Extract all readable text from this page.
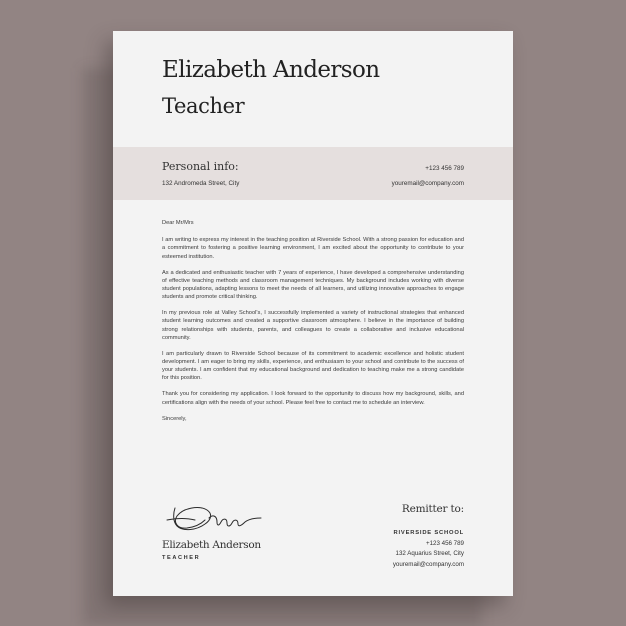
Elizabeth Anderson
Teacher
Personal info:
132 Andromeda Street, City
+123 456 789
youremail@company.com

Dear Mr/Mrs

I am writing to express my interest in the teaching position at Riverside School. With a strong passion for education and a commitment to fostering a positive learning environment, I am excited about the opportunity to contribute to your esteemed institution.

As a dedicated and enthusiastic teacher with 7 years of experience, I have developed a comprehensive understanding of effective teaching methods and classroom management techniques. My background includes working with diverse student populations, adapting lessons to meet the needs of all learners, and utilizing innovative approaches to engage students and promote critical thinking.

In my previous role at Valley School's, I successfully implemented a variety of instructional strategies that enhanced student learning outcomes and created a supportive classroom atmosphere. I believe in the importance of building strong relationships with students, parents, and colleagues to create a collaborative and inclusive educational community.

I am particularly drawn to Riverside School because of its commitment to academic excellence and holistic student development. I am eager to bring my skills, experience, and enthusiasm to your school and contribute to the success of your students. I am confident that my educational background and dedication to teaching make me a strong candidate for this position.

Thank you for considering my application. I look forward to the opportunity to discuss how my background, skills, and certifications align with the needs of your school. Please feel free to contact me to schedule an interview.

Sincerely,

Elizabeth Anderson
TEACHER
Remitter to:
RIVERSIDE SCHOOL
+123 456 789
132 Aquarius Street, City
youremail@company.com
